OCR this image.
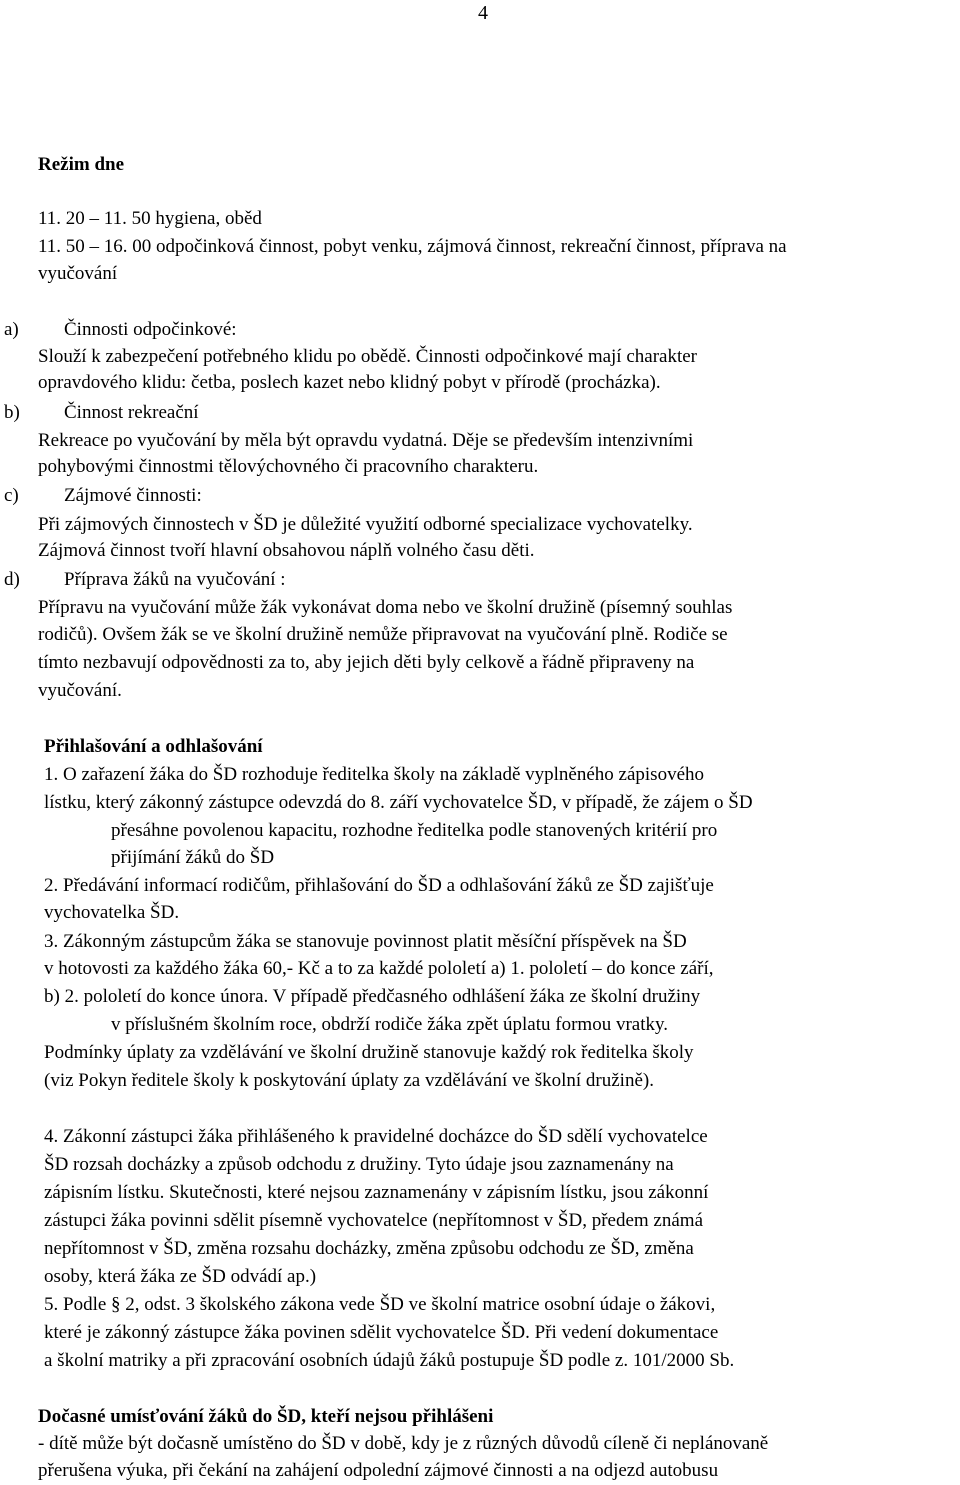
4
Režim dne
11. 20 – 11. 50 hygiena, oběd
11. 50 – 16. 00 odpočinková činnost, pobyt venku, zájmová činnost, rekreační činnost, příprava na
vyučování
a) Činnosti odpočinkové:
Slouží k zabezpečení potřebného klidu po obědě. Činnosti odpočinkové mají charakter
opravdového klidu: četba, poslech kazet nebo klidný pobyt v přírodě (procházka).
b) Činnost rekreační
Rekreace po vyučování by měla být opravdu vydatná. Děje se především intenzivními
pohybovými činnostmi tělovýchovného či pracovního charakteru.
c) Zájmové činnosti:
Při zájmových činnostech v ŠD je důležité využití odborné specializace vychovatelky.
Zájmová činnost tvoří hlavní obsahovou náplň volného času děti.
d) Příprava žáků na vyučování :
Přípravu na vyučování může žák vykonávat doma nebo ve školní družině (písemný souhlas
rodičů). Ovšem žák se ve školní družině nemůže připravovat na vyučování plně. Rodiče se
tímto nezbavují odpovědnosti za to, aby jejich děti byly celkově a řádně připraveny na
vyučování.
Přihlašování a odhlašování
1. O zařazení žáka do ŠD rozhoduje ředitelka školy na základě vyplněného zápisového
lístku, který zákonný zástupce odevzdá do 8. září vychovatelce ŠD, v případě, že zájem o ŠD
přesáhne povolenou kapacitu, rozhodne ředitelka podle stanovených kritérií pro
přijímání žáků do ŠD
2. Předávání informací rodičům, přihlašování do ŠD a odhlašování žáků ze ŠD zajišťuje
vychovatelka ŠD.
3. Zákonným zástupcům žáka se stanovuje povinnost platit měsíční příspěvek na ŠD
v hotovosti za každého žáka 60,- Kč a to za každé pololetí a) 1. pololetí – do konce září,
b) 2. pololetí do konce února. V případě předčasného odhlášení žáka ze školní družiny
v příslušném školním roce, obdrží rodiče žáka zpět úplatu formou vratky.
Podmínky úplaty za vzdělávání ve školní družině stanovuje každý rok ředitelka školy
(viz Pokyn ředitele školy k poskytování úplaty za vzdělávání ve školní družině).
4. Zákonní zástupci žáka přihlášeného k pravidelné docházce do ŠD sdělí vychovatelce
ŠD rozsah docházky a způsob odchodu z družiny. Tyto údaje jsou zaznamenány na
zápisním lístku. Skutečnosti, které nejsou zaznamenány v zápisním lístku, jsou zákonní
zástupci žáka povinni sdělit písemně vychovatelce (nepřítomnost v ŠD, předem známá
nepřítomnost v ŠD, změna rozsahu docházky, změna způsobu odchodu ze ŠD, změna
osoby, která žáka ze ŠD odvádí ap.)
5. Podle § 2, odst. 3 školského zákona vede ŠD ve školní matrice osobní údaje o žákovi,
které je zákonný zástupce žáka povinen sdělit vychovatelce ŠD. Při vedení dokumentace
a školní matriky a při zpracování osobních údajů žáků postupuje ŠD podle z. 101/2000 Sb.
Dočasné umísťování žáků do ŠD, kteří nejsou přihlášeni
- dítě může být dočasně umístěno do ŠD v době, kdy je z různých důvodů cíleně či neplánovaně
přerušena výuka, při čekání na zahájení odpolední zájmové činnosti a na odjezd autobusu
